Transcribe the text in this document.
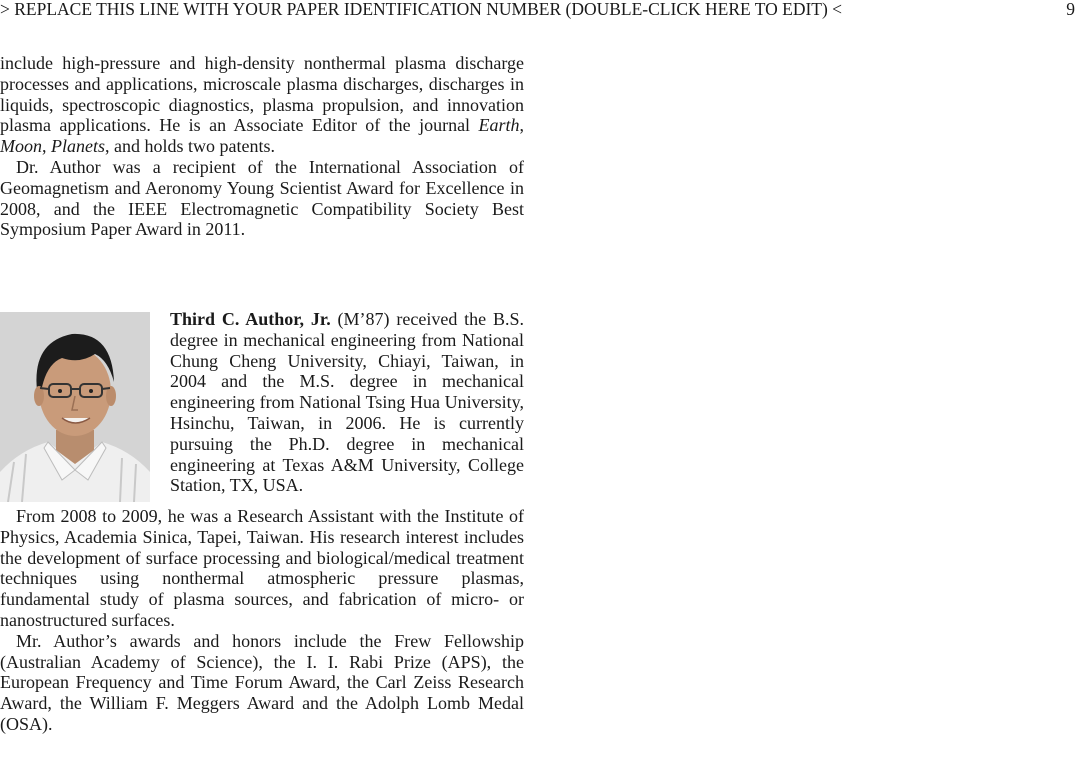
> REPLACE THIS LINE WITH YOUR PAPER IDENTIFICATION NUMBER (DOUBLE-CLICK HERE TO EDIT) <	9

include high-pressure and high-density nonthermal plasma discharge processes and applications, microscale plasma discharges, discharges in liquids, spectroscopic diagnostics, plasma propulsion, and innovation plasma applications. He is an Associate Editor of the journal Earth, Moon, Planets, and holds two patents.

Dr. Author was a recipient of the International Association of Geomagnetism and Aeronomy Young Scientist Award for Excellence in 2008, and the IEEE Electromagnetic Compatibility Society Best Symposium Paper Award in 2011.

Third C. Author, Jr. (M’87) received the B.S. degree in mechanical engineering from National Chung Cheng University, Chiayi, Taiwan, in 2004 and the M.S. degree in mechanical engineering from National Tsing Hua University, Hsinchu, Taiwan, in 2006. He is currently pursuing the Ph.D. degree in mechanical engineering at Texas A&M University, College Station, TX, USA.

From 2008 to 2009, he was a Research Assistant with the Institute of Physics, Academia Sinica, Tapei, Taiwan. His research interest includes the development of surface processing and biological/medical treatment techniques using nonthermal atmospheric pressure plasmas, fundamental study of plasma sources, and fabrication of micro- or nanostructured surfaces.

Mr. Author’s awards and honors include the Frew Fellowship (Australian Academy of Science), the I. I. Rabi Prize (APS), the European Frequency and Time Forum Award, the Carl Zeiss Research Award, the William F. Meggers Award and the Adolph Lomb Medal (OSA).
